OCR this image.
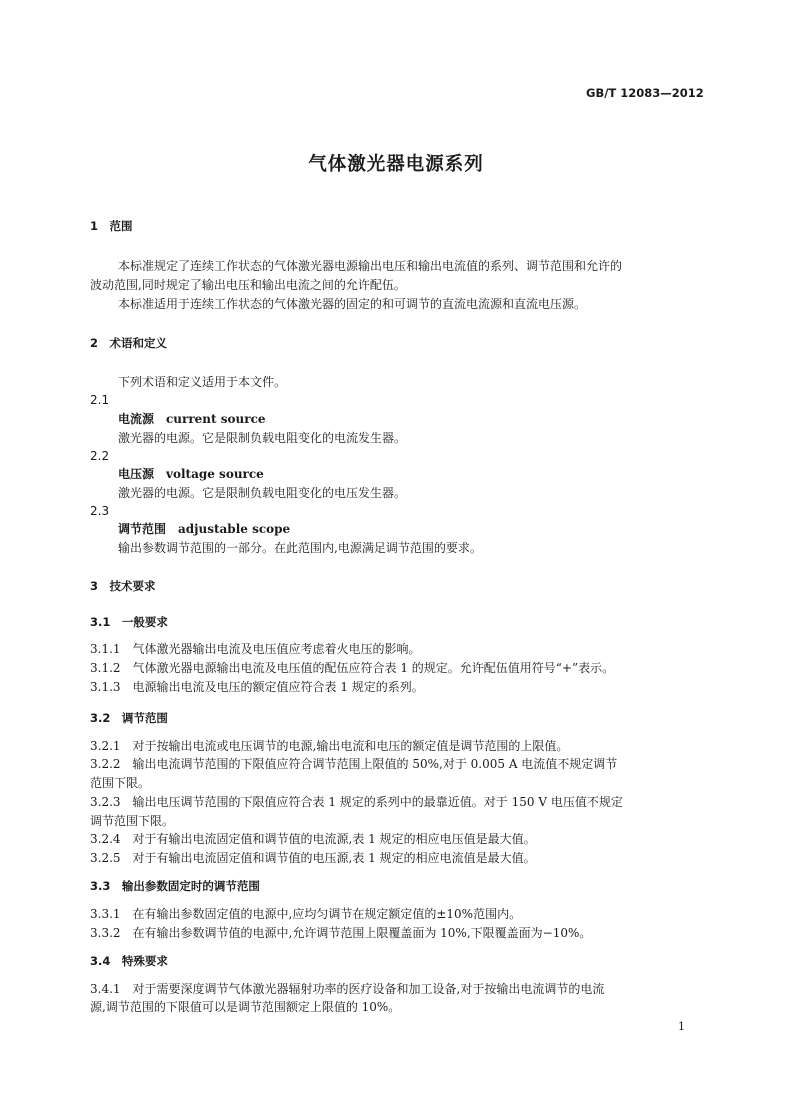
GB/T 12083—2012
气体激光器电源系列
1　范围
本标准规定了连续工作状态的气体激光器电源输出电压和输出电流值的系列、调节范围和允许的
波动范围,同时规定了输出电压和输出电流之间的允许配伍。
本标准适用于连续工作状态的气体激光器的固定的和可调节的直流电流源和直流电压源。
2　术语和定义
下列术语和定义适用于本文件。
2.1
电流源　current source
激光器的电源。它是限制负载电阻变化的电流发生器。
2.2
电压源　voltage source
激光器的电源。它是限制负载电阻变化的电压发生器。
2.3
调节范围　adjustable scope
输出参数调节范围的一部分。在此范围内,电源满足调节范围的要求。
3　技术要求
3.1　一般要求
3.1.1　气体激光器输出电流及电压值应考虑着火电压的影响。
3.1.2　气体激光器电源输出电流及电压值的配伍应符合表 1 的规定。允许配伍值用符号“+”表示。
3.1.3　电源输出电流及电压的额定值应符合表 1 规定的系列。
3.2　调节范围
3.2.1　对于按输出电流或电压调节的电源,输出电流和电压的额定值是调节范围的上限值。
3.2.2　输出电流调节范围的下限值应符合调节范围上限值的 50%,对于 0.005 A 电流值不规定调节
范围下限。
3.2.3　输出电压调节范围的下限值应符合表 1 规定的系列中的最靠近值。对于 150 V 电压值不规定
调节范围下限。
3.2.4　对于有输出电流固定值和调节值的电流源,表 1 规定的相应电压值是最大值。
3.2.5　对于有输出电流固定值和调节值的电压源,表 1 规定的相应电流值是最大值。
3.3　输出参数固定时的调节范围
3.3.1　在有输出参数固定值的电源中,应均匀调节在规定额定值的±10%范围内。
3.3.2　在有输出参数调节值的电源中,允许调节范围上限覆盖面为 10%,下限覆盖面为−10%。
3.4　特殊要求
3.4.1　对于需要深度调节气体激光器辐射功率的医疗设备和加工设备,对于按输出电流调节的电流
源,调节范围的下限值可以是调节范围额定上限值的 10%。
1
